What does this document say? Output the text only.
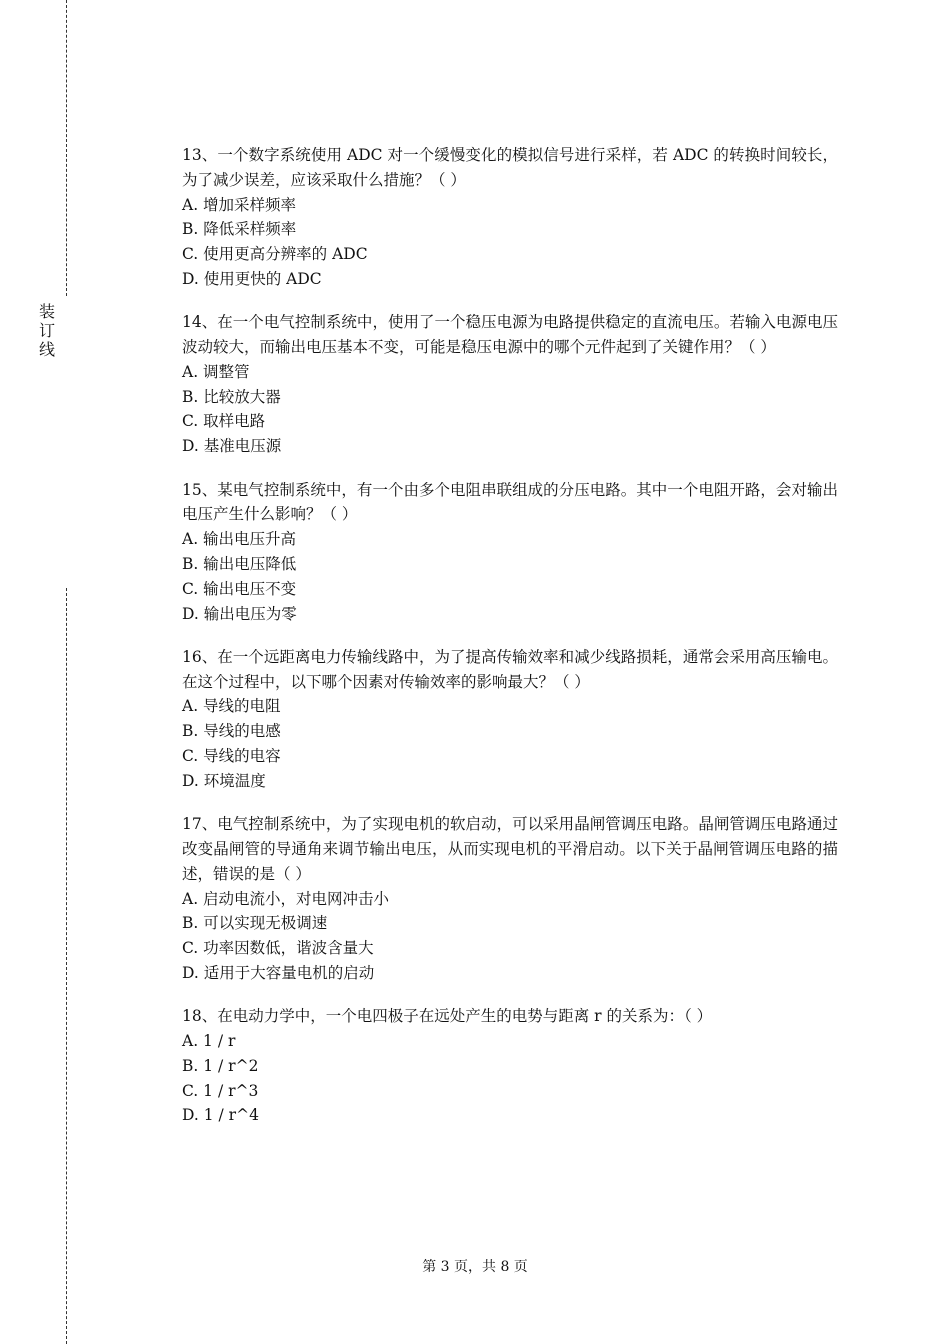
装订线

13、一个数字系统使用 ADC 对一个缓慢变化的模拟信号进行采样，若 ADC 的转换时间较长，为了减少误差，应该采取什么措施？（ ）

A. 增加采样频率

B. 降低采样频率

C. 使用更高分辨率的 ADC

D. 使用更快的 ADC

14、在一个电气控制系统中，使用了一个稳压电源为电路提供稳定的直流电压。若输入电源电压波动较大，而输出电压基本不变，可能是稳压电源中的哪个元件起到了关键作用？（ ）

A. 调整管

B. 比较放大器

C. 取样电路

D. 基准电压源

15、某电气控制系统中，有一个由多个电阻串联组成的分压电路。其中一个电阻开路，会对输出电压产生什么影响？（ ）

A. 输出电压升高

B. 输出电压降低

C. 输出电压不变

D. 输出电压为零

16、在一个远距离电力传输线路中，为了提高传输效率和减少线路损耗，通常会采用高压输电。在这个过程中，以下哪个因素对传输效率的影响最大？（ ）

A. 导线的电阻

B. 导线的电感

C. 导线的电容

D. 环境温度

17、电气控制系统中，为了实现电机的软启动，可以采用晶闸管调压电路。晶闸管调压电路通过改变晶闸管的导通角来调节输出电压，从而实现电机的平滑启动。以下关于晶闸管调压电路的描述，错误的是（ ）

A. 启动电流小，对电网冲击小

B. 可以实现无极调速

C. 功率因数低，谐波含量大

D. 适用于大容量电机的启动

18、在电动力学中，一个电四极子在远处产生的电势与距离 r 的关系为：（ ）

A. 1 / r

B. 1 / r^2

C. 1 / r^3

D. 1 / r^4

第 3 页，共 8 页
